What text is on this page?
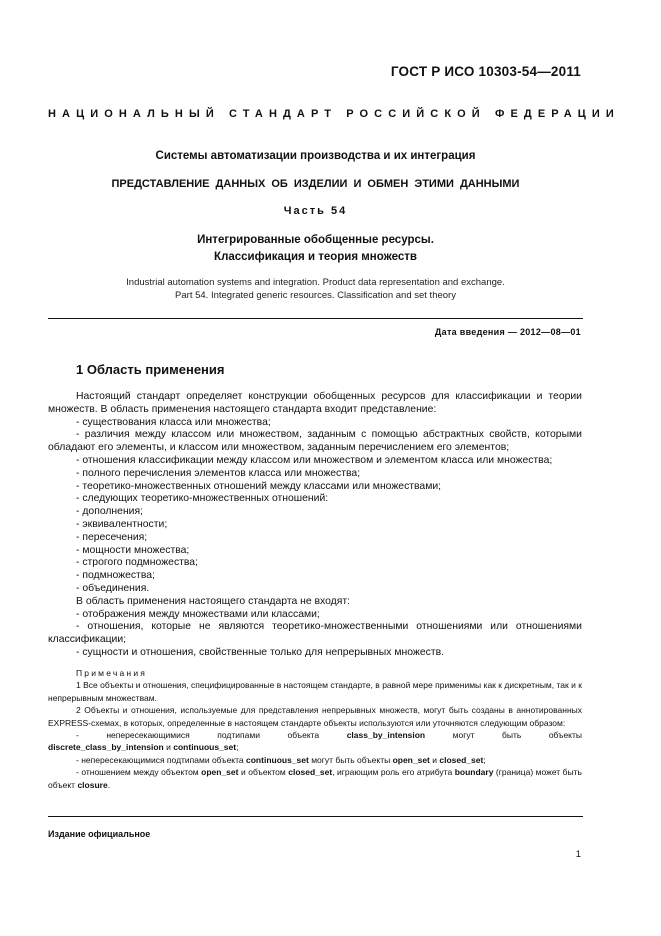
ГОСТ Р ИСО 10303-54—2011
НАЦИОНАЛЬНЫЙ СТАНДАРТ РОССИЙСКОЙ ФЕДЕРАЦИИ
Системы автоматизации производства и их интеграция
ПРЕДСТАВЛЕНИЕ ДАННЫХ ОБ ИЗДЕЛИИ И ОБМЕН ЭТИМИ ДАННЫМИ
Часть 54
Интегрированные обобщенные ресурсы.
Классификация и теория множеств
Industrial automation systems and integration. Product data representation and exchange.
Part 54. Integrated generic resources. Classification and set theory
Дата введения — 2012—08—01
1 Область применения

Настоящий стандарт определяет конструкции обобщенных ресурсов для классификации и теории множеств. В область применения настоящего стандарта входит представление:

- существования класса или множества;

- различия между классом или множеством, заданным с помощью абстрактных свойств, которыми обладают его элементы, и классом или множеством, заданным перечислением его элементов;

- отношения классификации между классом или множеством и элементом класса или множества;

- полного перечисления элементов класса или множества;

- теоретико-множественных отношений между классами или множествами;

- следующих теоретико-множественных отношений:

- дополнения;

- эквивалентности;

- пересечения;

- мощности множества;

- строгого подмножества;

- подмножества;

- объединения.

В область применения настоящего стандарта не входят:

- отображения между множествами или классами;

- отношения, которые не являются теоретико-множественными отношениями или отношениями классификации;

- сущности и отношения, свойственные только для непрерывных множеств.

Примечания

1 Все объекты и отношения, специфицированные в настоящем стандарте, в равной мере применимы как к дискретным, так и к непрерывным множествам.

2 Объекты и отношения, используемые для представления непрерывных множеств, могут быть созданы в аннотированных EXPRESS-схемах, в которых, определенные в настоящем стандарте объекты используются или уточняются следующим образом:

- непересекающимися подтипами объекта class_by_intension могут быть объекты

discrete_class_by_intension и continuous_set;

- непересекающимися подтипами объекта continuous_set могут быть объекты open_set и closed_set;

- отношением между объектом open_set и объектом closed_set, играющим роль его атрибута boundary (граница) может быть объект closure.

Издание официальное
1
